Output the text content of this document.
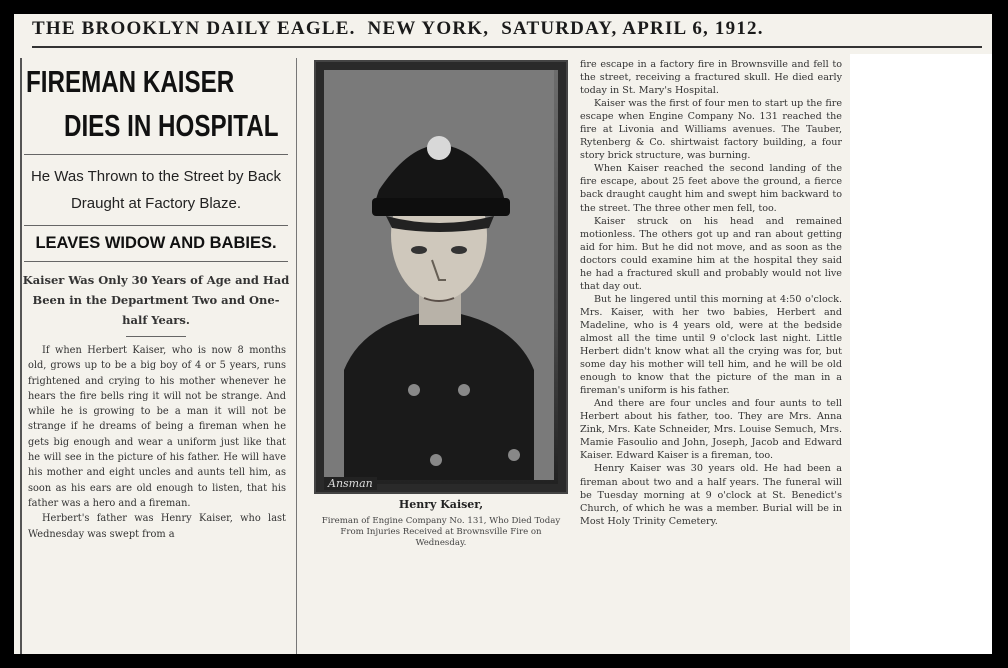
THE BROOKLYN DAILY EAGLE. NEW YORK, SATURDAY, APRIL 6, 1912.
FIREMAN KAISER
DIES IN HOSPITAL
He Was Thrown to the Street by Back Draught at Factory Blaze.
LEAVES WIDOW AND BABIES.
Kaiser Was Only 30 Years of Age and Had Been in the Department Two and One-half Years.

If when Herbert Kaiser, who is now 8 months old, grows up to be a big boy of 4 or 5 years, runs frightened and crying to his mother whenever he hears the fire bells ring it will not be strange. And while he is growing to be a man it will not be strange if he dreams of being a fireman when he gets big enough and wear a uniform just like that he will see in the picture of his father. He will have his mother and eight uncles and aunts tell him, as soon as his ears are old enough to listen, that his father was a hero and a fireman.

Herbert's father was Henry Kaiser, who last Wednesday was swept from a

Ansman
Henry Kaiser,
Fireman of Engine Company No. 131, Who Died Today From Injuries Received at Brownsville Fire on Wednesday.

fire escape in a factory fire in Brownsville and fell to the street, receiving a fractured skull. He died early today in St. Mary's Hospital.

Kaiser was the first of four men to start up the fire escape when Engine Company No. 131 reached the fire at Livonia and Williams avenues. The Tauber, Rytenberg & Co. shirtwaist factory building, a four story brick structure, was burning.

When Kaiser reached the second landing of the fire escape, about 25 feet above the ground, a fierce back draught caught him and swept him backward to the street. The three other men fell, too.

Kaiser struck on his head and remained motionless. The others got up and ran about getting aid for him. But he did not move, and as soon as the doctors could examine him at the hospital they said he had a fractured skull and probably would not live that day out.

But he lingered until this morning at 4:50 o'clock. Mrs. Kaiser, with her two babies, Herbert and Madeline, who is 4 years old, were at the bedside almost all the time until 9 o'clock last night. Little Herbert didn't know what all the crying was for, but some day his mother will tell him, and he will be old enough to know that the picture of the man in a fireman's uniform is his father.

And there are four uncles and four aunts to tell Herbert about his father, too. They are Mrs. Anna Zink, Mrs. Kate Schneider, Mrs. Louise Semuch, Mrs. Mamie Fasoulio and John, Joseph, Jacob and Edward Kaiser. Edward Kaiser is a fireman, too.

Henry Kaiser was 30 years old. He had been a fireman about two and a half years. The funeral will be Tuesday morning at 9 o'clock at St. Benedict's Church, of which he was a member. Burial will be in Most Holy Trinity Cemetery.
